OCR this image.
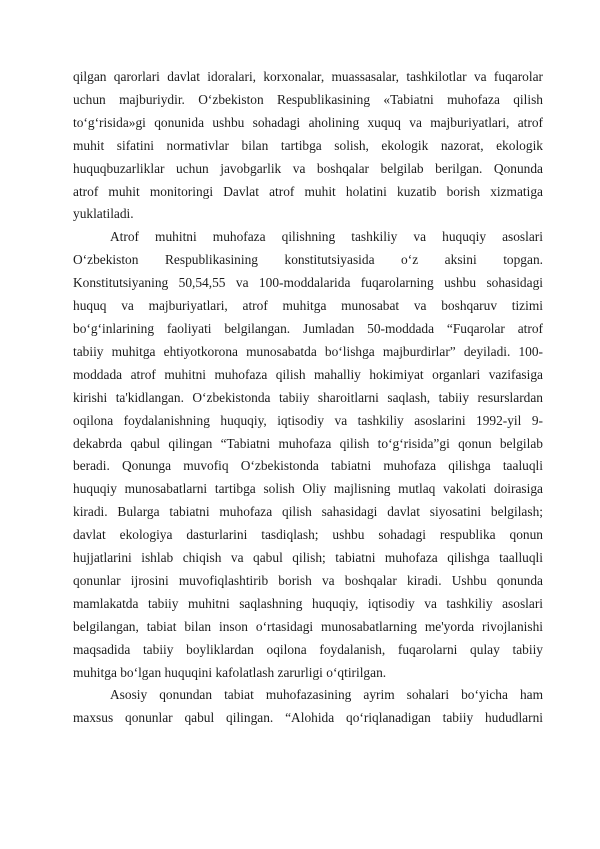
qilgan qarorlari davlat idoralari, korxonalar, muassasalar, tashkilotlar va fuqarolar
uchun majburiydir. O‘zbekiston Respublikasining «Tabiatni muhofaza qilish
to‘g‘risida»gi qonunida ushbu sohadagi aholining xuquq va majburiyatlari, atrof
muhit sifatini normativlar bilan tartibga solish, ekologik nazorat, ekologik
huquqbuzarliklar uchun javobgarlik va boshqalar belgilab berilgan. Qonunda
atrof muhit monitoringi Davlat atrof muhit holatini kuzatib borish xizmatiga
yuklatiladi.

Atrof muhitni muhofaza qilishning tashkiliy va huquqiy asoslari
O‘zbekiston Respublikasining konstitutsiyasida o‘z aksini topgan.
Konstitutsiyaning 50,54,55 va 100-moddalarida fuqarolarning ushbu sohasidagi
huquq va majburiyatlari, atrof muhitga munosabat va boshqaruv tizimi
bo‘g‘inlarining faoliyati belgilangan. Jumladan 50-moddada “Fuqarolar atrof
tabiiy muhitga ehtiyotkorona munosabatda bo‘lishga majburdirlar” deyiladi. 100-
moddada atrof muhitni muhofaza qilish mahalliy hokimiyat organlari vazifasiga
kirishi ta'kidlangan. O‘zbekistonda tabiiy sharoitlarni saqlash, tabiiy resurslardan
oqilona foydalanishning huquqiy, iqtisodiy va tashkiliy asoslarini 1992-yil 9-
dekabrda qabul qilingan “Tabiatni muhofaza qilish to‘g‘risida”gi qonun belgilab
beradi. Qonunga muvofiq O‘zbekistonda tabiatni muhofaza qilishga taaluqli
huquqiy munosabatlarni tartibga solish Oliy majlisning mutlaq vakolati doirasiga
kiradi. Bularga tabiatni muhofaza qilish sahasidagi davlat siyosatini belgilash;
davlat ekologiya dasturlarini tasdiqlash; ushbu sohadagi respublika qonun
hujjatlarini ishlab chiqish va qabul qilish; tabiatni muhofaza qilishga taalluqli
qonunlar ijrosini muvofiqlashtirib borish va boshqalar kiradi. Ushbu qonunda
mamlakatda tabiiy muhitni saqlashning huquqiy, iqtisodiy va tashkiliy asoslari
belgilangan, tabiat bilan inson o‘rtasidagi munosabatlarning me'yorda rivojlanishi
maqsadida tabiiy boyliklardan oqilona foydalanish, fuqarolarni qulay tabiiy
muhitga bo‘lgan huquqini kafolatlash zarurligi o‘qtirilgan.

Asosiy qonundan tabiat muhofazasining ayrim sohalari bo‘yicha ham
maxsus qonunlar qabul qilingan. “Alohida qo‘riqlanadigan tabiiy hududlarni
